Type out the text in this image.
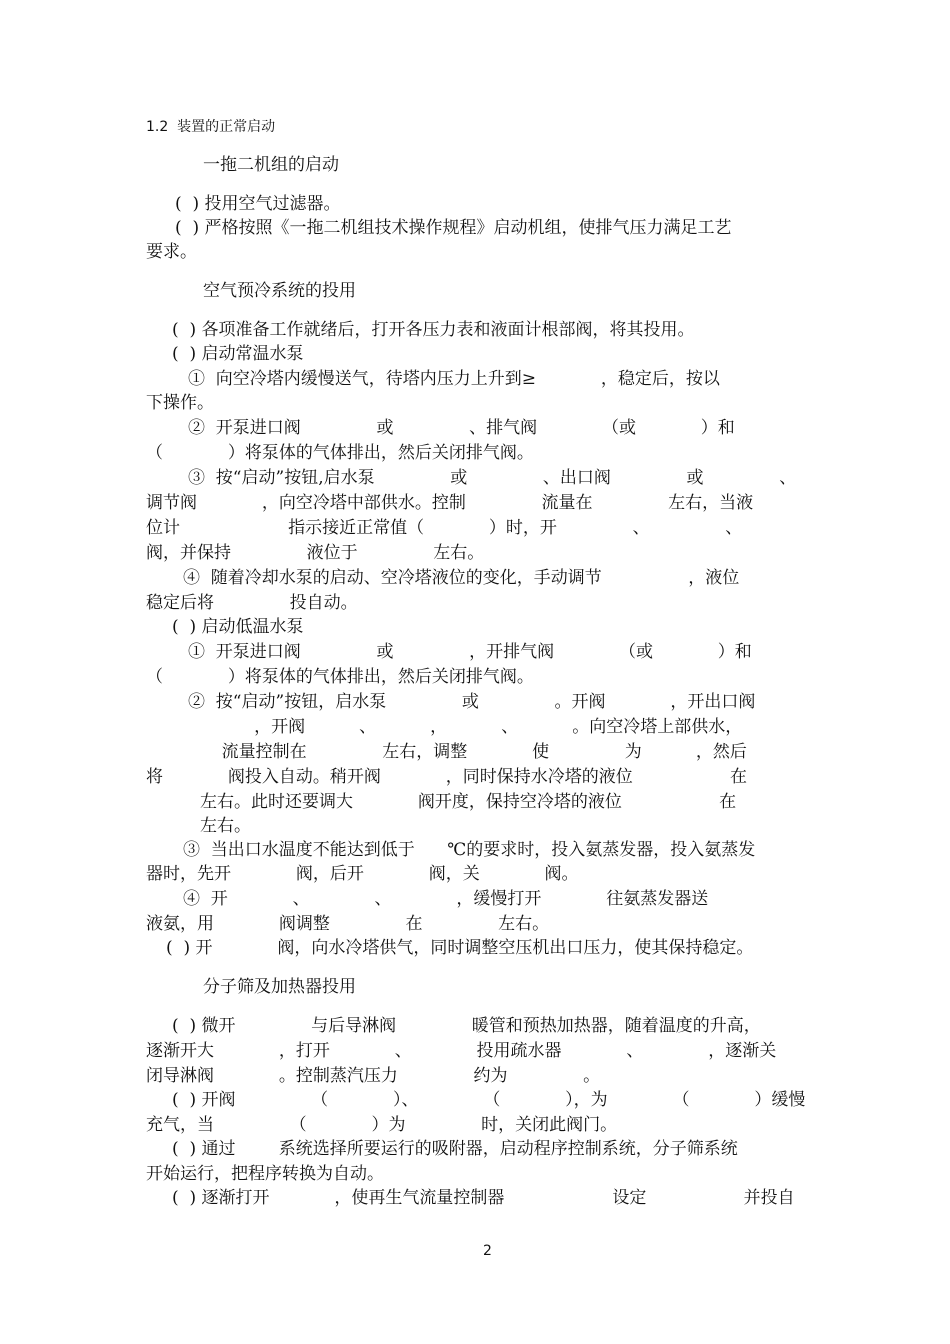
1.2  装置的正常启动
一拖二机组的启动
(  ) 投用空气过滤器。
(  ) 严格按照《一拖二机组技术操作规程》启动机组，使排气压力满足工艺
要求。
空气预冷系统的投用
(  ) 各项准备工作就绪后，打开各压力表和液面计根部阀，将其投用。
(  ) 启动常温水泵
①  向空冷塔内缓慢送气，待塔内压力上升到≥            ，稳定后，按以
下操作。
②  开泵进口阀              或              、排气阀            （或            ）和
（            ）将泵体的气体排出，然后关闭排气阀。
③  按“启动”按钮,启水泵              或              、出口阀              或              、
调节阀            ，向空冷塔中部供水。控制              流量在              左右，当液
位计                    指示接近正常值（            ）时，开              、              、
阀，并保持              液位于              左右。
④  随着冷却水泵的启动、空冷塔液位的变化，手动调节                ，液位
稳定后将              投自动。
(  ) 启动低温水泵
①  开泵进口阀              或              ，开排气阀            （或            ）和
（            ）将泵体的气体排出，然后关闭排气阀。
②  按“启动”按钮，启水泵              或              。开阀            ，开出口阀
，开阀          、          ，          、          。向空冷塔上部供水，
流量控制在              左右，调整            使              为          ，然后
将            阀投入自动。稍开阀            ，同时保持水冷塔的液位                  在
左右。此时还要调大            阀开度，保持空冷塔的液位                  在
左右。
③  当出口水温度不能达到低于      ℃的要求时，投入氨蒸发器，投入氨蒸发
器时，先开            阀，后开            阀，关            阀。
④  开            、            、            ，缓慢打开            往氨蒸发器送
液氨，用            阀调整              在              左右。
(  ) 开            阀，向水冷塔供气，同时调整空压机出口压力，使其保持稳定。
分子筛及加热器投用
(  ) 微开              与后导淋阀              暖管和预热加热器，随着温度的升高，
逐渐开大            ，打开            、            投用疏水器            、            ，逐渐关
闭导淋阀            。控制蒸汽压力              约为              。
(  ) 开阀              （            ）、            （            ），为            （            ）缓慢
充气，当              （            ）为              时，关闭此阀门。
(  ) 通过        系统选择所要运行的吸附器，启动程序控制系统，分子筛系统
开始运行，把程序转换为自动。
(  ) 逐渐打开            ，使再生气流量控制器                    设定                  并投自
2
